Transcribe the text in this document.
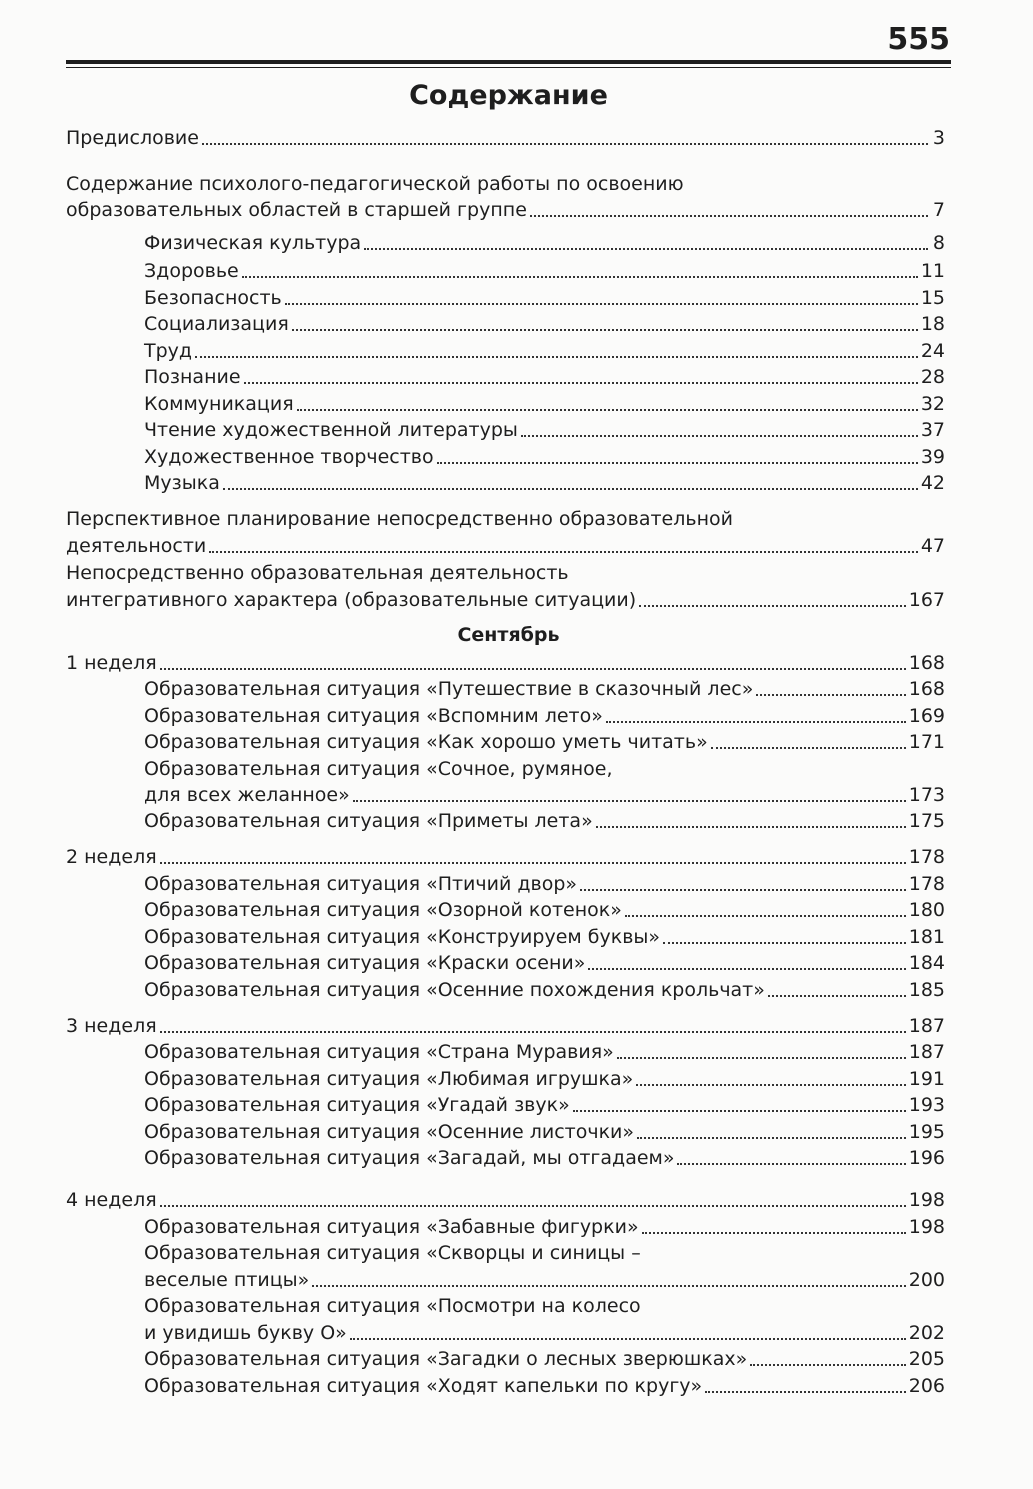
555
Содержание
Предисловие	3
Содержание психолого-педагогической работы по освоению
образовательных областей в старшей группе	7
Физическая культура	8
Здоровье	11
Безопасность	15
Социализация	18
Труд	24
Познание	28
Коммуникация	32
Чтение художественной литературы	37
Художественное творчество	39
Музыка	42
Перспективное планирование непосредственно образовательной
деятельности	47
Непосредственно образовательная деятельность
интегративного характера (образовательные ситуации)	167
Сентябрь
1 неделя	168
Образовательная ситуация «Путешествие в сказочный лес»	168
Образовательная ситуация «Вспомним лето»	169
Образовательная ситуация «Как хорошо уметь читать»	171
Образовательная ситуация «Сочное, румяное,
для всех желанное»	173
Образовательная ситуация «Приметы лета»	175
2 неделя	178
Образовательная ситуация «Птичий двор»	178
Образовательная ситуация «Озорной котенок»	180
Образовательная ситуация «Конструируем буквы»	181
Образовательная ситуация «Краски осени»	184
Образовательная ситуация «Осенние похождения крольчат»	185
3 неделя	187
Образовательная ситуация «Страна Муравия»	187
Образовательная ситуация «Любимая игрушка»	191
Образовательная ситуация «Угадай звук»	193
Образовательная ситуация «Осенние листочки»	195
Образовательная ситуация «Загадай, мы отгадаем»	196
4 неделя	198
Образовательная ситуация «Забавные фигурки»	198
Образовательная ситуация «Скворцы и синицы –
веселые птицы»	200
Образовательная ситуация «Посмотри на колесо
и увидишь букву О»	202
Образовательная ситуация «Загадки о лесных зверюшках»	205
Образовательная ситуация «Ходят капельки по кругу»	206
